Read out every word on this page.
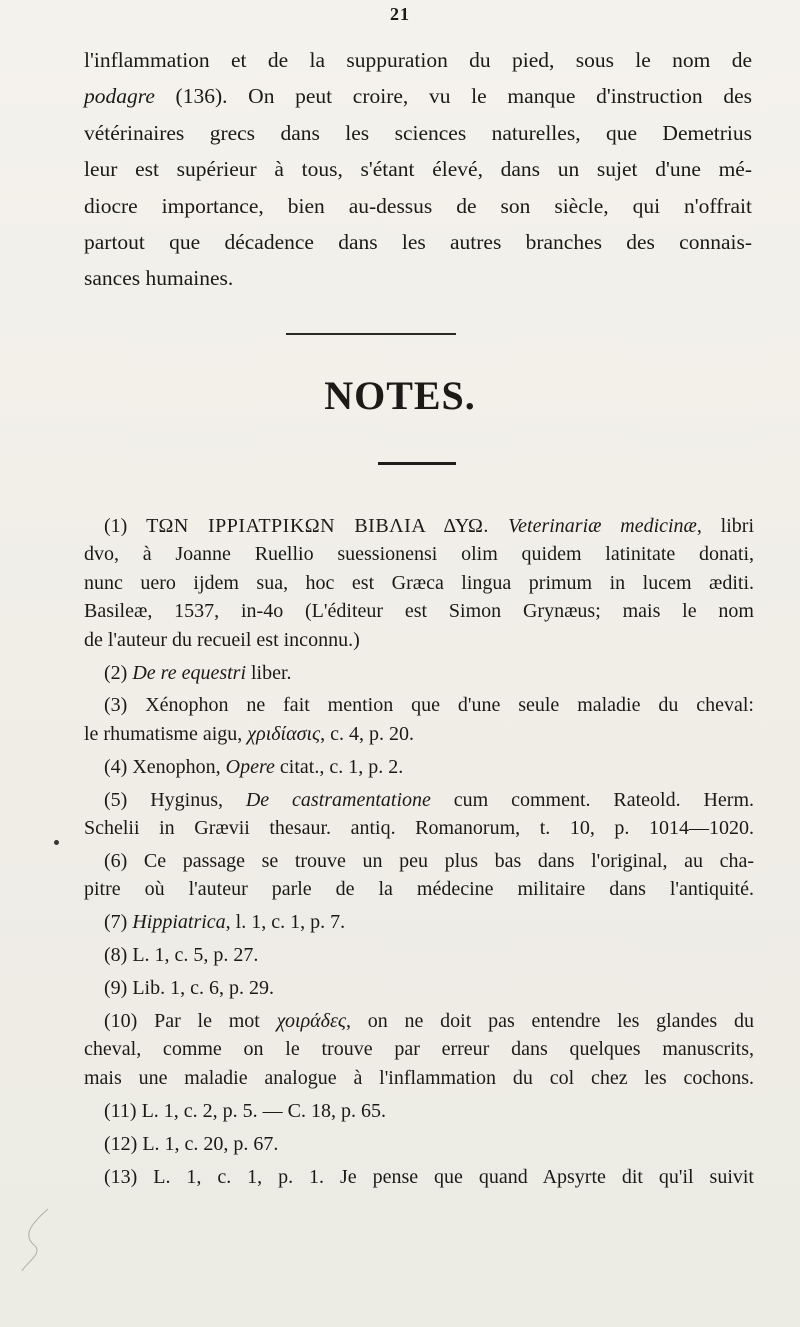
21
l'inflammation et de la suppuration du pied, sous le nom de
podagre (136). On peut croire, vu le manque d'instruction des
vétérinaires grecs dans les sciences naturelles, que Demetrius
leur est supérieur à tous, s'étant élevé, dans un sujet d'une mé-
diocre importance, bien au-dessus de son siècle, qui n'offrait
partout que décadence dans les autres branches des connais-
sances humaines.
NOTES.
(1) ΤΩΝ ΙΡΡΙΑΤΡΙΚΩΝ ΒΙΒΛΙΑ ΔΥΩ. Veterinariæ medicinæ, libri
dvo, à Joanne Ruellio suessionensi olim quidem latinitate donati,
nunc uero ijdem sua, hoc est Græca lingua primum in lucem æditi.
Basileæ, 1537, in-4o (L'éditeur est Simon Grynæus; mais le nom
de l'auteur du recueil est inconnu.)
(2) De re equestri liber.
(3) Xénophon ne fait mention que d'une seule maladie du cheval:
le rhumatisme aigu, χριδίασις, c. 4, p. 20.
(4) Xenophon, Opere citat., c. 1, p. 2.
(5) Hyginus, De castramentatione cum comment. Rateold. Herm.
Schelii in Grævii thesaur. antiq. Romanorum, t. 10, p. 1014—1020.
(6) Ce passage se trouve un peu plus bas dans l'original, au cha-
pitre où l'auteur parle de la médecine militaire dans l'antiquité.
(7) Hippiatrica, l. 1, c. 1, p. 7.
(8) L. 1, c. 5, p. 27.
(9) Lib. 1, c. 6, p. 29.
(10) Par le mot χοιράδες, on ne doit pas entendre les glandes du
cheval, comme on le trouve par erreur dans quelques manuscrits,
mais une maladie analogue à l'inflammation du col chez les cochons.
(11) L. 1, c. 2, p. 5. — C. 18, p. 65.
(12) L. 1, c. 20, p. 67.
(13) L. 1, c. 1, p. 1. Je pense que quand Apsyrte dit qu'il suivit
